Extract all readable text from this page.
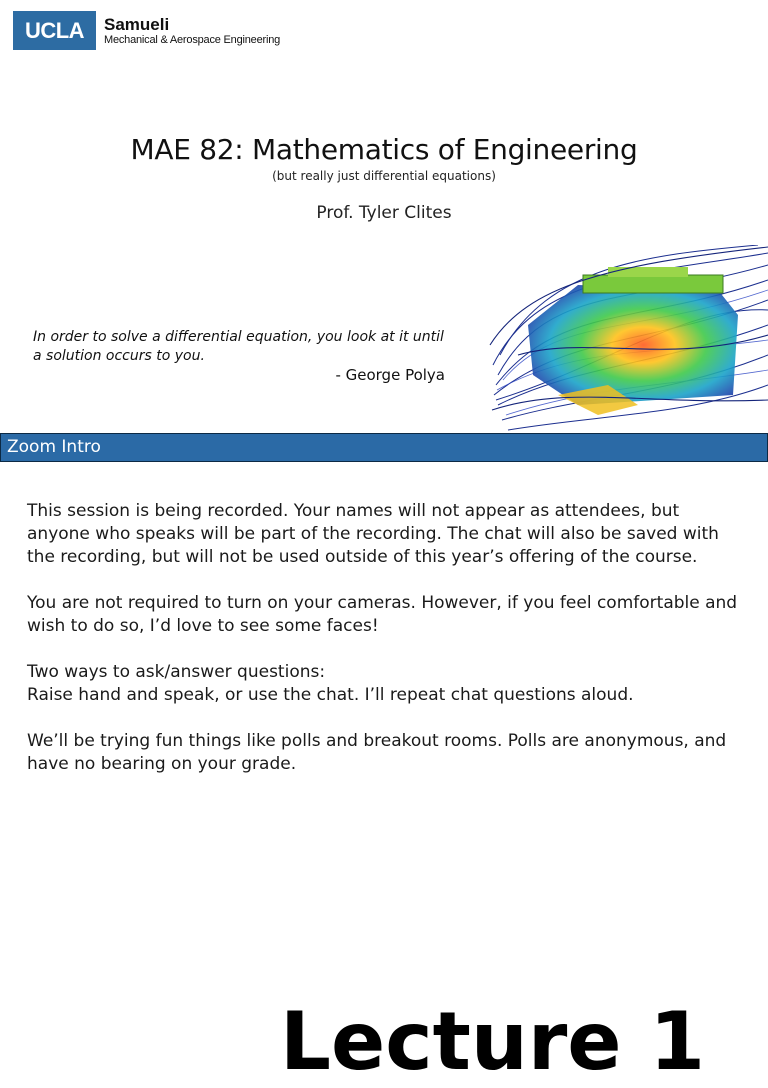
UCLA	Samueli
Mechanical & Aerospace Engineering
MAE 82: Mathematics of Engineering
(but really just differential equations)
Prof. Tyler Clites
In order to solve a differential equation, you look at it until a solution occurs to you.
- George Polya
Zoom Intro

This session is being recorded. Your names will not appear as attendees, but anyone who speaks will be part of the recording. The chat will also be saved with the recording, but will not be used outside of this year’s offering of the course.

You are not required to turn on your cameras. However, if you feel comfortable and wish to do so, I’d love to see some faces!

Two ways to ask/answer questions:

Raise hand and speak, or use the chat. I’ll repeat chat questions aloud.

We’ll be trying fun things like polls and breakout rooms. Polls are anonymous, and have no bearing on your grade.

Lecture 1
